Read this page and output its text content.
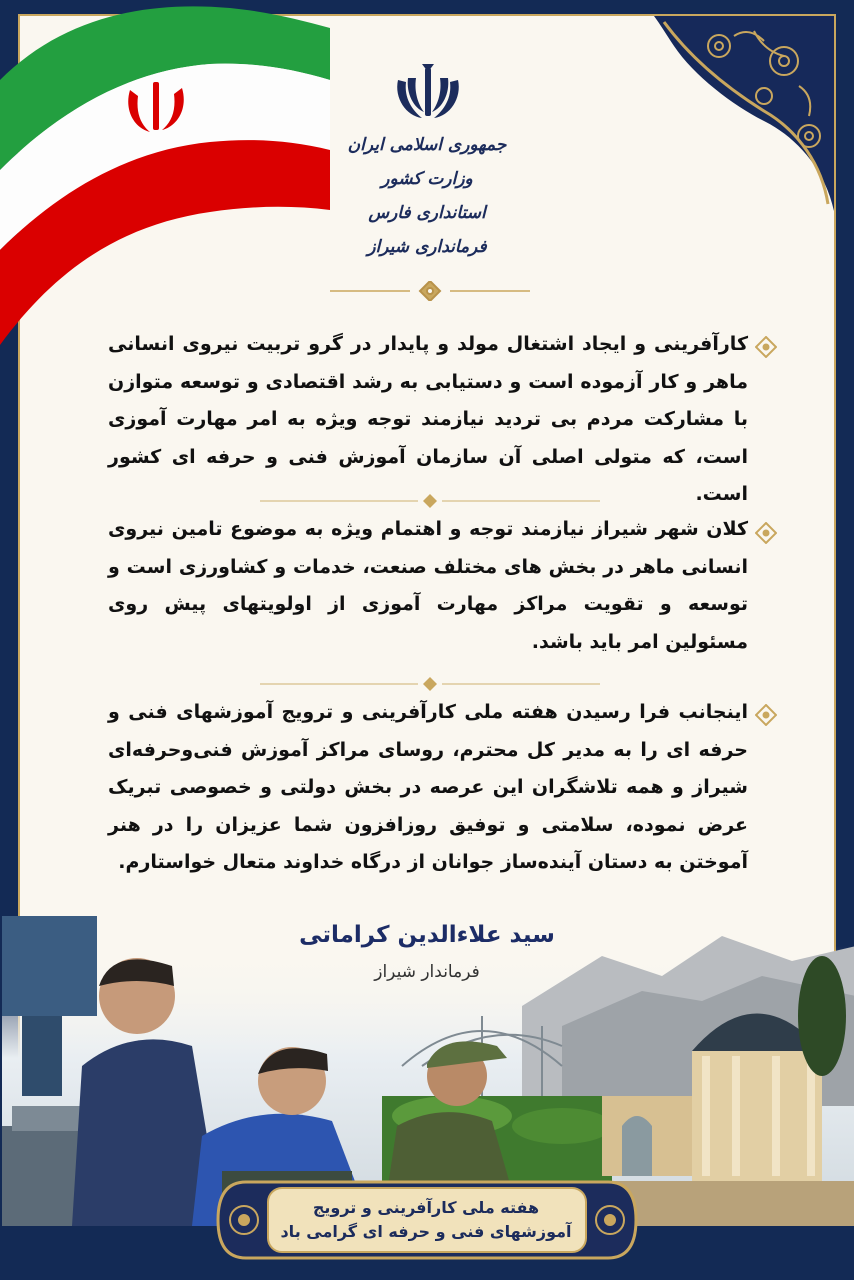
جمهوری اسلامی ایران
وزارت کشور
استانداری فارس
فرمانداری شیراز

کارآفرینی و ایجاد اشتغال مولد و پایدار در گرو تربیت نیروی انسانی ماهر و کار آزموده است و دستیابی به رشد اقتصادی و توسعه متوازن با مشارکت مردم بی تردید نیازمند توجه ویژه به امر مهارت آموزی است، که متولی اصلی آن سازمان آموزش فنی و حرفه ای کشور است.

کلان شهر شیراز نیازمند توجه و اهتمام ویژه به موضوع تامین نیروی انسانی ماهر در بخش های مختلف صنعت، خدمات و کشاورزی است و توسعه و تقویت مراکز مهارت آموزی از اولویتهای پیش روی مسئولین امر باید باشد.

اینجانب فرا رسیدن هفته ملی کارآفرینی و ترویج آموزشهای فنی و حرفه ای را به مدیر کل محترم، روسای مراکز آموزش فنی‌وحرفه‌ای شیراز و همه تلاشگران این عرصه در بخش دولتی و خصوصی تبریک عرض نموده، سلامتی و توفیق روزافزون شما عزیزان را در هنر آموختن به دستان آینده‌ساز جوانان از درگاه خداوند متعال خواستارم.

سید علاءالدین کراماتی
فرماندار شیراز
هفته ملی کارآفرینی و ترویج
آموزشهای فنی و حرفه ای گرامی باد
